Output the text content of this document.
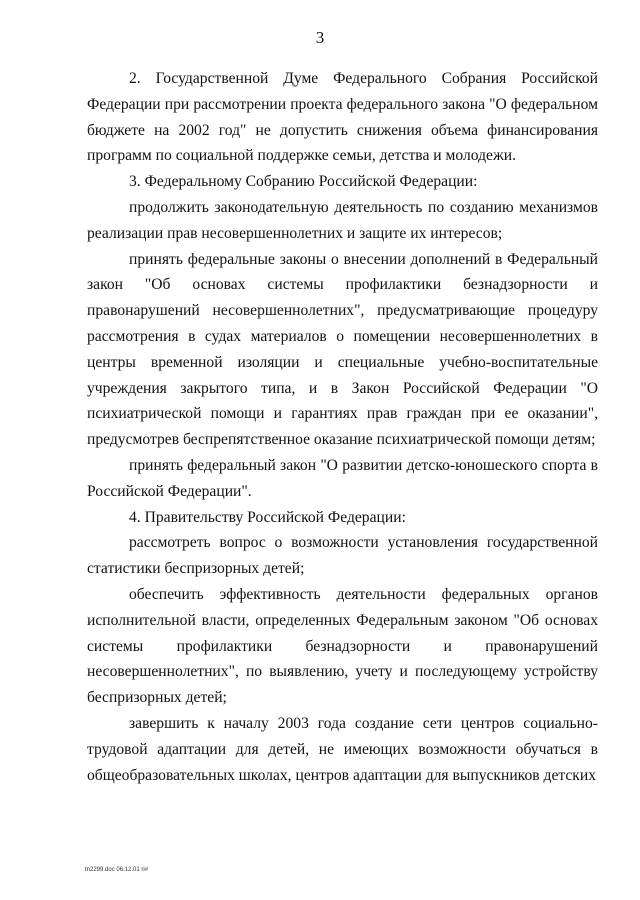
3

2. Государственной Думе Федерального Собрания Российской Федерации при рассмотрении проекта федерального закона "О федеральном бюджете на 2002 год" не допустить снижения объема финансирования программ по социальной поддержке семьи, детства и молодежи.

3. Федеральному Собранию Российской Федерации:

продолжить законодательную деятельность по созданию механизмов реализации прав несовершеннолетних и защите их интересов;

принять федеральные законы о внесении дополнений в Федеральный закон "Об основах системы профилактики безнадзорности и правонарушений несовершеннолетних", предусматривающие процедуру рассмотрения в судах материалов о помещении несовершеннолетних в центры временной изоляции и специальные учебно-воспитательные учреждения закрытого типа, и в Закон Российской Федерации "О психиатрической помощи и гарантиях прав граждан при ее оказании", предусмотрев беспрепятственное оказание психиатрической помощи детям;

принять федеральный закон "О развитии детско-юношеского спорта в Российской Федерации".

4. Правительству Российской Федерации:

рассмотреть вопрос о возможности установления государственной статистики беспризорных детей;

обеспечить эффективность деятельности федеральных органов исполнительной власти, определенных Федеральным законом "Об основах системы профилактики безнадзорности и правонарушений несовершеннолетних", по выявлению, учету и последующему устройству беспризорных детей;

завершить к началу 2003 года создание сети центров социально-трудовой адаптации для детей, не имеющих возможности обучаться в общеобразовательных школах, центров адаптации для выпускников детских

tn2299.doc 06.12.01 ri#
